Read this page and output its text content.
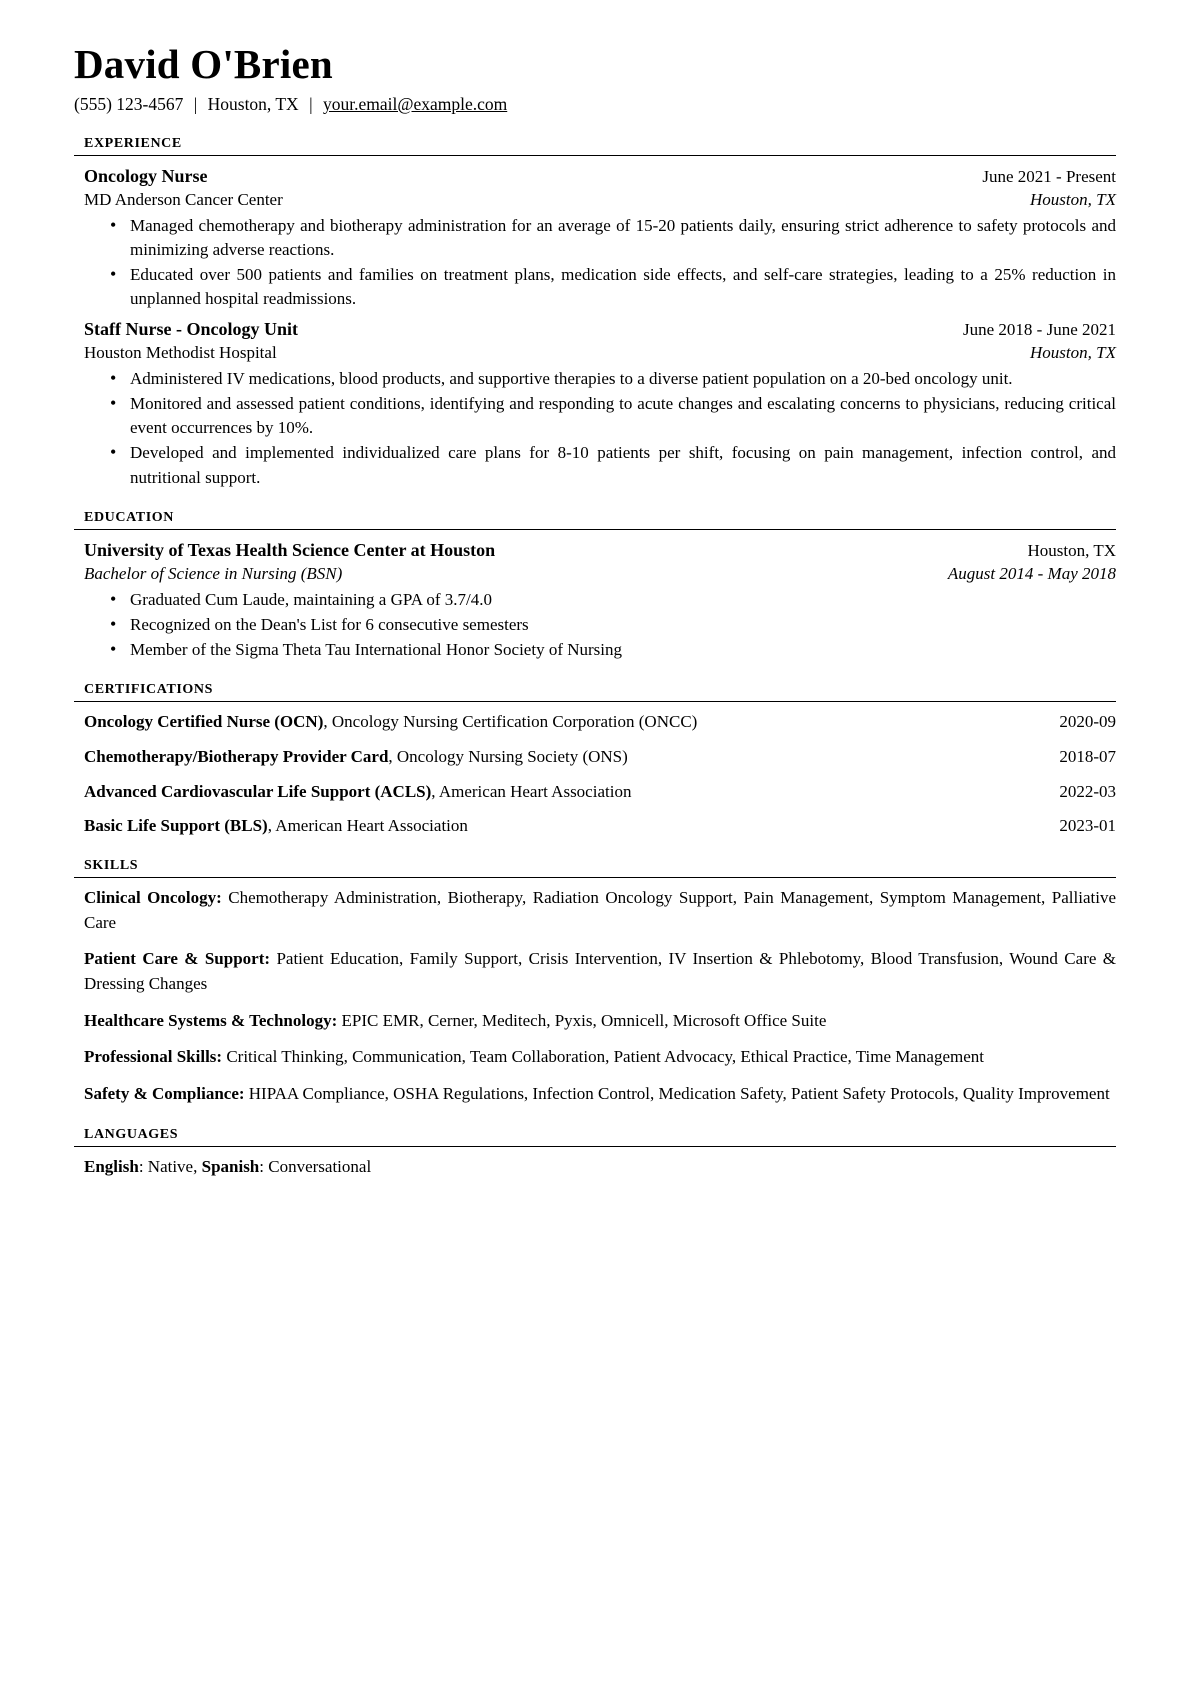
David O'Brien
(555) 123-4567 | Houston, TX | your.email@example.com
experience
Oncology Nurse	June 2021 - Present
MD Anderson Cancer Center	Houston, TX
• Managed chemotherapy and biotherapy administration for an average of 15-20 patients daily, ensuring strict adherence to safety protocols and minimizing adverse reactions.
• Educated over 500 patients and families on treatment plans, medication side effects, and self-care strategies, leading to a 25% reduction in unplanned hospital readmissions.
Staff Nurse - Oncology Unit	June 2018 - June 2021
Houston Methodist Hospital	Houston, TX
• Administered IV medications, blood products, and supportive therapies to a diverse patient population on a 20-bed oncology unit.
• Monitored and assessed patient conditions, identifying and responding to acute changes and escalating concerns to physicians, reducing critical event occurrences by 10%.
• Developed and implemented individualized care plans for 8-10 patients per shift, focusing on pain management, infection control, and nutritional support.
education
University of Texas Health Science Center at Houston	Houston, TX
Bachelor of Science in Nursing (BSN)	August 2014 - May 2018
• Graduated Cum Laude, maintaining a GPA of 3.7/4.0
• Recognized on the Dean's List for 6 consecutive semesters
• Member of the Sigma Theta Tau International Honor Society of Nursing
certifications
Oncology Certified Nurse (OCN), Oncology Nursing Certification Corporation (ONCC)	2020-09
Chemotherapy/Biotherapy Provider Card, Oncology Nursing Society (ONS)	2018-07
Advanced Cardiovascular Life Support (ACLS), American Heart Association	2022-03
Basic Life Support (BLS), American Heart Association	2023-01
skills
Clinical Oncology: Chemotherapy Administration, Biotherapy, Radiation Oncology Support, Pain Management, Symptom Management, Palliative Care
Patient Care & Support: Patient Education, Family Support, Crisis Intervention, IV Insertion & Phlebotomy, Blood Transfusion, Wound Care & Dressing Changes
Healthcare Systems & Technology: EPIC EMR, Cerner, Meditech, Pyxis, Omnicell, Microsoft Office Suite
Professional Skills: Critical Thinking, Communication, Team Collaboration, Patient Advocacy, Ethical Practice, Time Management
Safety & Compliance: HIPAA Compliance, OSHA Regulations, Infection Control, Medication Safety, Patient Safety Protocols, Quality Improvement
languages
English: Native, Spanish: Conversational
